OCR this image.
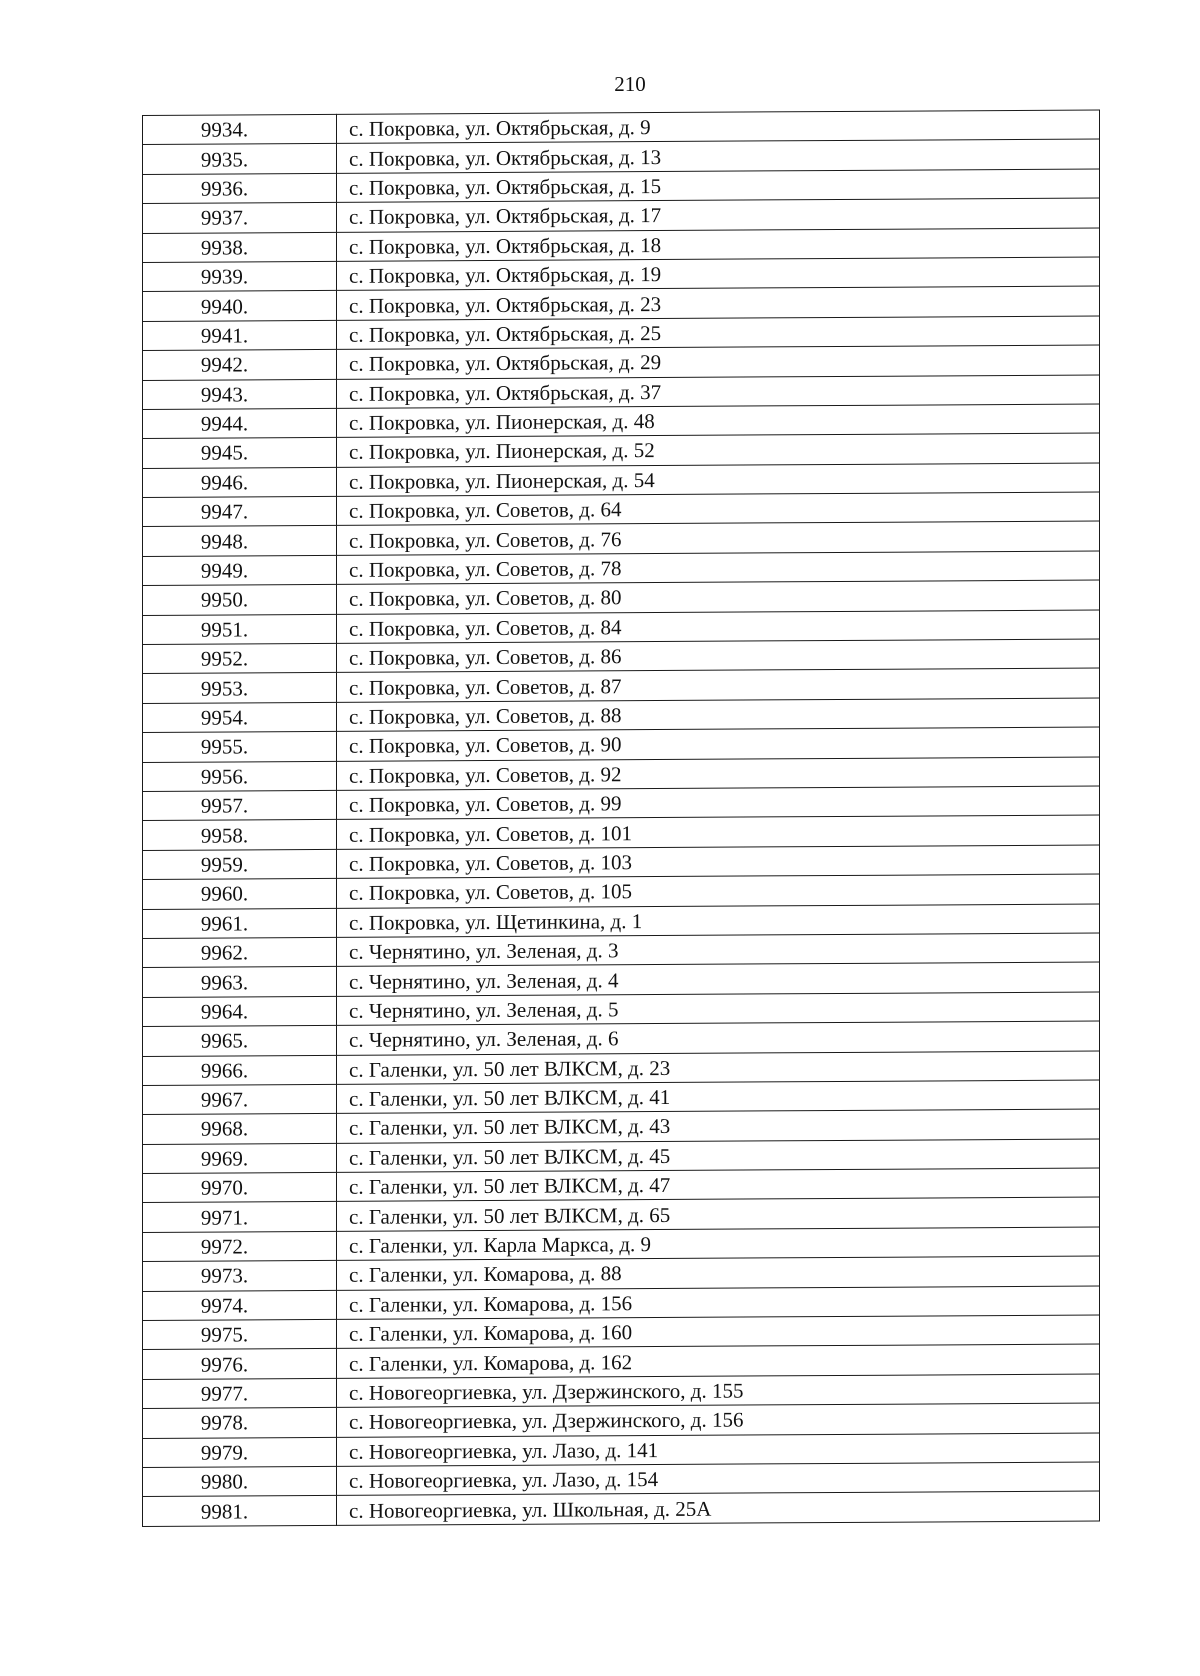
210
9934.	с. Покровка, ул. Октябрьская, д. 9
9935.	с. Покровка, ул. Октябрьская, д. 13
9936.	с. Покровка, ул. Октябрьская, д. 15
9937.	с. Покровка, ул. Октябрьская, д. 17
9938.	с. Покровка, ул. Октябрьская, д. 18
9939.	с. Покровка, ул. Октябрьская, д. 19
9940.	с. Покровка, ул. Октябрьская, д. 23
9941.	с. Покровка, ул. Октябрьская, д. 25
9942.	с. Покровка, ул. Октябрьская, д. 29
9943.	с. Покровка, ул. Октябрьская, д. 37
9944.	с. Покровка, ул. Пионерская, д. 48
9945.	с. Покровка, ул. Пионерская, д. 52
9946.	с. Покровка, ул. Пионерская, д. 54
9947.	с. Покровка, ул. Советов, д. 64
9948.	с. Покровка, ул. Советов, д. 76
9949.	с. Покровка, ул. Советов, д. 78
9950.	с. Покровка, ул. Советов, д. 80
9951.	с. Покровка, ул. Советов, д. 84
9952.	с. Покровка, ул. Советов, д. 86
9953.	с. Покровка, ул. Советов, д. 87
9954.	с. Покровка, ул. Советов, д. 88
9955.	с. Покровка, ул. Советов, д. 90
9956.	с. Покровка, ул. Советов, д. 92
9957.	с. Покровка, ул. Советов, д. 99
9958.	с. Покровка, ул. Советов, д. 101
9959.	с. Покровка, ул. Советов, д. 103
9960.	с. Покровка, ул. Советов, д. 105
9961.	с. Покровка, ул. Щетинкина, д. 1
9962.	с. Чернятино, ул. Зеленая, д. 3
9963.	с. Чернятино, ул. Зеленая, д. 4
9964.	с. Чернятино, ул. Зеленая, д. 5
9965.	с. Чернятино, ул. Зеленая, д. 6
9966.	с. Галенки, ул. 50 лет ВЛКСМ, д. 23
9967.	с. Галенки, ул. 50 лет ВЛКСМ, д. 41
9968.	с. Галенки, ул. 50 лет ВЛКСМ, д. 43
9969.	с. Галенки, ул. 50 лет ВЛКСМ, д. 45
9970.	с. Галенки, ул. 50 лет ВЛКСМ, д. 47
9971.	с. Галенки, ул. 50 лет ВЛКСМ, д. 65
9972.	с. Галенки, ул. Карла Маркса, д. 9
9973.	с. Галенки, ул. Комарова, д. 88
9974.	с. Галенки, ул. Комарова, д. 156
9975.	с. Галенки, ул. Комарова, д. 160
9976.	с. Галенки, ул. Комарова, д. 162
9977.	с. Новогеоргиевка, ул. Дзержинского, д. 155
9978.	с. Новогеоргиевка, ул. Дзержинского, д. 156
9979.	с. Новогеоргиевка, ул. Лазо, д. 141
9980.	с. Новогеоргиевка, ул. Лазо, д. 154
9981.	с. Новогеоргиевка, ул. Школьная, д. 25А
